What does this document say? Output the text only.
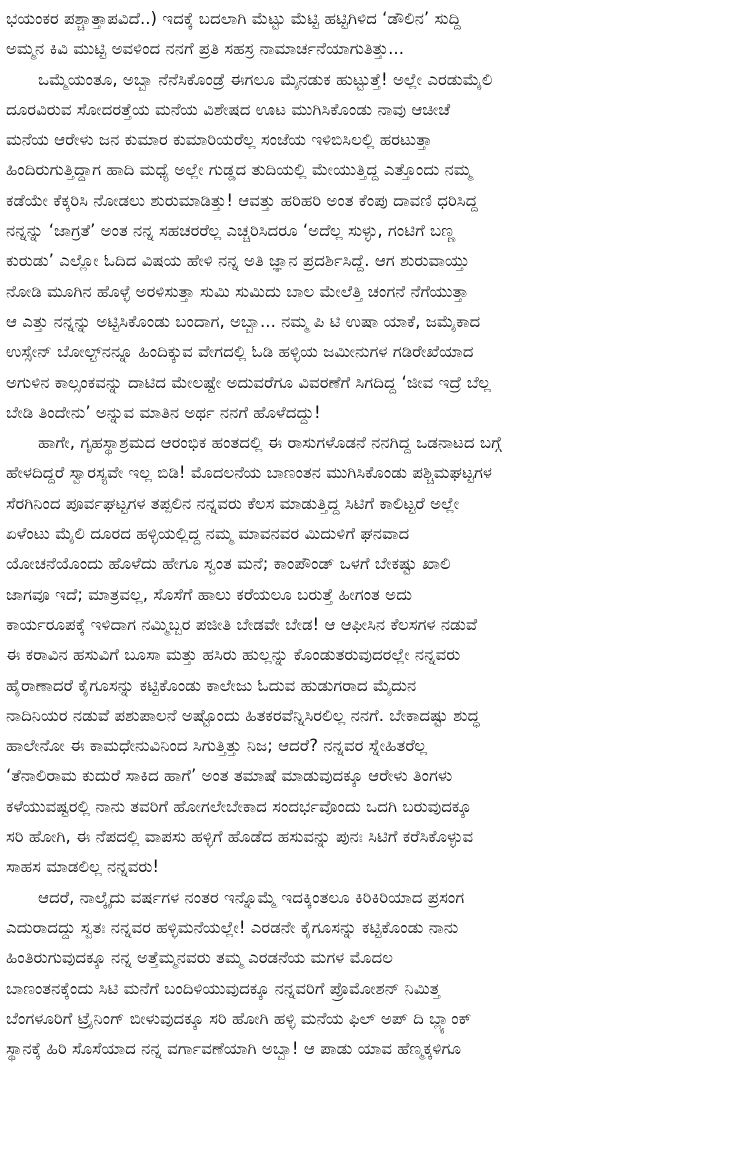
ಭಯಂಕರ ಪಶ್ಚಾತ್ತಾಪವಿದೆ..) ಇದಕ್ಕೆ ಬದಲಾಗಿ ಮೆಟ್ಟು ಮೆಟ್ಟಿ ಹಟ್ಟಿಗಿಳಿದ ‘ಡೌಲಿನ’ ಸುದ್ದಿ
ಅಮ್ಮನ ಕಿವಿ ಮುಟ್ಟಿ ಅವಳಿಂದ ನನಗೆ ಪ್ರತಿ ಸಹಸ್ರ ನಾಮಾರ್ಚನೆಯಾಗುತಿತ್ತು...

ಒಮ್ಮೆಯಂತೂ, ಅಬ್ಬಾ ನೆನೆಸಿಕೊಂಡ್ರೆ ಈಗಲೂ ಮೈನಡುಕ ಹುಟ್ಟುತ್ತೆ! ಅಲ್ಲೇ ಎರಡುಮೈಲಿ
ದೂರವಿರುವ ಸೋದರತ್ತೆಯ ಮನೆಯ ವಿಶೇಷದ ಊಟ ಮುಗಿಸಿಕೊಂಡು ನಾವು ಆಚೀಚೆ
ಮನೆಯ ಆರೇಳು ಜನ ಕುಮಾರ ಕುಮಾರಿಯರೆಲ್ಲ ಸಂಜೆಯ ಇಳಿಬಿಸಿಲಲ್ಲಿ ಹರಟುತ್ತಾ
ಹಿಂದಿರುಗುತ್ತಿದ್ದಾಗ ಹಾದಿ ಮಧ್ಯೆ ಅಲ್ಲೇ ಗುಡ್ಡದ ತುದಿಯಲ್ಲಿ ಮೇಯುತ್ತಿದ್ದ ಎತ್ತೊಂದು ನಮ್ಮ
ಕಡೆಯೇ ಕೆಕ್ಕರಿಸಿ ನೋಡಲು ಶುರುಮಾಡಿತ್ತು! ಆವತ್ತು ಹರಿಹರಿ ಅಂತ ಕೆಂಪು ದಾವಣಿ ಧರಿಸಿದ್ದ
ನನ್ನನ್ನು ‘ಜಾಗ್ರತೆ’ ಅಂತ ನನ್ನ ಸಹಚರರೆಲ್ಲ ಎಚ್ಚರಿಸಿದರೂ ‘ಅದೆಲ್ಲ ಸುಳ್ಳು, ಗಂಟಿಗೆ ಬಣ್ಣ
ಕುರುಡು’ ಎಲ್ಲೋ ಓದಿದ ವಿಷಯ ಹೇಳಿ ನನ್ನ ಅತಿ ಜ್ಞಾನ ಪ್ರದರ್ಶಿಸಿದ್ದೆ. ಆಗ ಶುರುವಾಯ್ತು
ನೋಡಿ ಮೂಗಿನ ಹೊಳ್ಳೆ ಅರಳಿಸುತ್ತಾ ಸುಮಿ ಸುಮಿದು ಬಾಲ ಮೇಲೆತ್ತಿ ಚಂಗನೆ ನೆಗೆಯುತ್ತಾ
ಆ ಎತ್ತು ನನ್ನನ್ನು ಅಟ್ಟಿಸಿಕೊಂಡು ಬಂದಾಗ, ಅಬ್ಬಾ... ನಮ್ಮ ಪಿ ಟಿ ಉಷಾ ಯಾಕೆ, ಜಮೈಕಾದ
ಉಸ್ಸೇನ್ ಬೋಲ್ಟ್‌ನನ್ನೂ ಹಿಂದಿಕ್ಕುವ ವೇಗದಲ್ಲಿ ಓಡಿ ಹಳ್ಳಿಯ ಜಮೀನುಗಳ ಗಡಿರೇಖೆಯಾದ
ಅಗುಳಿನ ಕಾಲ್ಸಂಕವನ್ನು ದಾಟಿದ ಮೇಲಷ್ಟೇ ಅದುವರೆಗೂ ವಿವರಣೆಗೆ ಸಿಗದಿದ್ದ ‘ಜೀವ ಇದ್ರೆ ಬೆಲ್ಲ
ಬೇಡಿ ತಿಂದೇನು’ ಅನ್ನುವ ಮಾತಿನ ಅರ್ಥ ನನಗೆ ಹೊಳೆದದ್ದು!

ಹಾಗೇ, ಗೃಹಸ್ಥಾಶ್ರಮದ ಆರಂಭಿಕ ಹಂತದಲ್ಲಿ ಈ ರಾಸುಗಳೊಡನೆ ನನಗಿದ್ದ ಒಡನಾಟದ ಬಗ್ಗೆ
ಹೇಳದಿದ್ದರೆ ಸ್ವಾರಸ್ಯವೇ ಇಲ್ಲ ಬಿಡಿ! ಮೊದಲನೆಯ ಬಾಣಂತನ ಮುಗಿಸಿಕೊಂಡು ಪಶ್ಚಿಮಘಟ್ಟಗಳ
ಸೆರಗಿನಿಂದ ಪೂರ್ವಘಟ್ಟಗಳ ತಪ್ಪಲಿನ ನನ್ನವರು ಕೆಲಸ ಮಾಡುತ್ತಿದ್ದ ಸಿಟಿಗೆ ಕಾಲಿಟ್ಟರೆ ಅಲ್ಲೇ
ಏಳೆಂಟು ಮೈಲಿ ದೂರದ ಹಳ್ಳಿಯಲ್ಲಿದ್ದ ನಮ್ಮ ಮಾವನವರ ಮಿದುಳಿಗೆ ಘನವಾದ
ಯೋಚನೆಯೊಂದು ಹೊಳೆದು ಹೇಗೂ ಸ್ವಂತ ಮನೆ; ಕಾಂಪೌಂಡ್ ಒಳಗೆ ಬೇಕಷ್ಟು ಖಾಲಿ
ಜಾಗವೂ ಇದೆ; ಮಾತ್ರವಲ್ಲ, ಸೊಸೆಗೆ ಹಾಲು ಕರೆಯಲೂ ಬರುತ್ತೆ ಹೀಗಂತ ಅದು
ಕಾರ್ಯರೂಪಕ್ಕೆ ಇಳಿದಾಗ ನಮ್ಮಿಬ್ಬರ ಪಜೀತಿ ಬೇಡವೇ ಬೇಡ! ಆ ಆಫೀಸಿನ ಕೆಲಸಗಳ ನಡುವೆ
ಈ ಕರಾವಿನ ಹಸುವಿಗೆ ಬೂಸಾ ಮತ್ತು ಹಸಿರು ಹುಲ್ಲನ್ನು ಕೊಂಡುತರುವುದರಲ್ಲೇ ನನ್ನವರು
ಹೈರಾಣಾದರೆ ಕೈಗೂಸನ್ನು ಕಟ್ಟಿಕೊಂಡು ಕಾಲೇಜು ಓದುವ ಹುಡುಗರಾದ ಮೈದುನ
ನಾದಿನಿಯರ ನಡುವೆ ಪಶುಪಾಲನೆ ಅಷ್ಟೊಂದು ಹಿತಕರವೆನ್ನಿಸಿರಲಿಲ್ಲ ನನಗೆ. ಬೇಕಾದಷ್ಟು ಶುದ್ಧ
ಹಾಲೇನೋ ಈ ಕಾಮಧೇನುವಿನಿಂದ ಸಿಗುತ್ತಿತ್ತು ನಿಜ; ಆದರೆ? ನನ್ನವರ ಸ್ನೇಹಿತರೆಲ್ಲ
‘ತೆನಾಲಿರಾಮ ಕುದುರೆ ಸಾಕಿದ ಹಾಗೆ’ ಅಂತ ತಮಾಷೆ ಮಾಡುವುದಕ್ಕೂ ಆರೇಳು ತಿಂಗಳು
ಕಳೆಯುವಷ್ಟರಲ್ಲಿ ನಾನು ತವರಿಗೆ ಹೋಗಲೇಬೇಕಾದ ಸಂದರ್ಭವೊಂದು ಒದಗಿ ಬರುವುದಕ್ಕೂ
ಸರಿ ಹೋಗಿ, ಈ ನೆಪದಲ್ಲಿ ವಾಪಸು ಹಳ್ಳಿಗೆ ಹೊಡೆದ ಹಸುವನ್ನು ಪುನಃ ಸಿಟಿಗೆ ಕರೆಸಿಕೊಳ್ಳುವ
ಸಾಹಸ ಮಾಡಲಿಲ್ಲ ನನ್ನವರು!

ಆದರೆ, ನಾಲ್ಕೈದು ವರ್ಷಗಳ ನಂತರ ಇನ್ನೊಮ್ಮೆ ಇದಕ್ಕಿಂತಲೂ ಕಿರಿಕಿರಿಯಾದ ಪ್ರಸಂಗ
ಎದುರಾದದ್ದು ಸ್ವತಃ ನನ್ನವರ ಹಳ್ಳಿಮನೆಯಲ್ಲೇ! ಎರಡನೇ ಕೈಗೂಸನ್ನು ಕಟ್ಟಿಕೊಂಡು ನಾನು
ಹಿಂತಿರುಗುವುದಕ್ಕೂ ನನ್ನ ಅತ್ತೆಮ್ಮನವರು ತಮ್ಮ ಎರಡನೆಯ ಮಗಳ ಮೊದಲ
ಬಾಣಂತನಕ್ಕೆಂದು ಸಿಟಿ ಮನೆಗೆ ಬಂದಿಳಿಯುವುದಕ್ಕೂ ನನ್ನವರಿಗೆ ಪ್ರೊಮೋಶನ್ ನಿಮಿತ್ತ
ಬೆಂಗಳೂರಿಗೆ ಟ್ರೈನಿಂಗ್ ಬೀಳುವುದಕ್ಕೂ ಸರಿ ಹೋಗಿ ಹಳ್ಳಿ ಮನೆಯ ಫಿಲ್ ಅಪ್ ದಿ ಬ್ಲ್ಯಾಂಕ್
ಸ್ಥಾನಕ್ಕೆ ಹಿರಿ ಸೊಸೆಯಾದ ನನ್ನ ವರ್ಗಾವಣೆಯಾಗಿ ಅಬ್ಬಾ! ಆ ಪಾಡು ಯಾವ ಹೆಣ್ಮಕ್ಕಳಿಗೂ
